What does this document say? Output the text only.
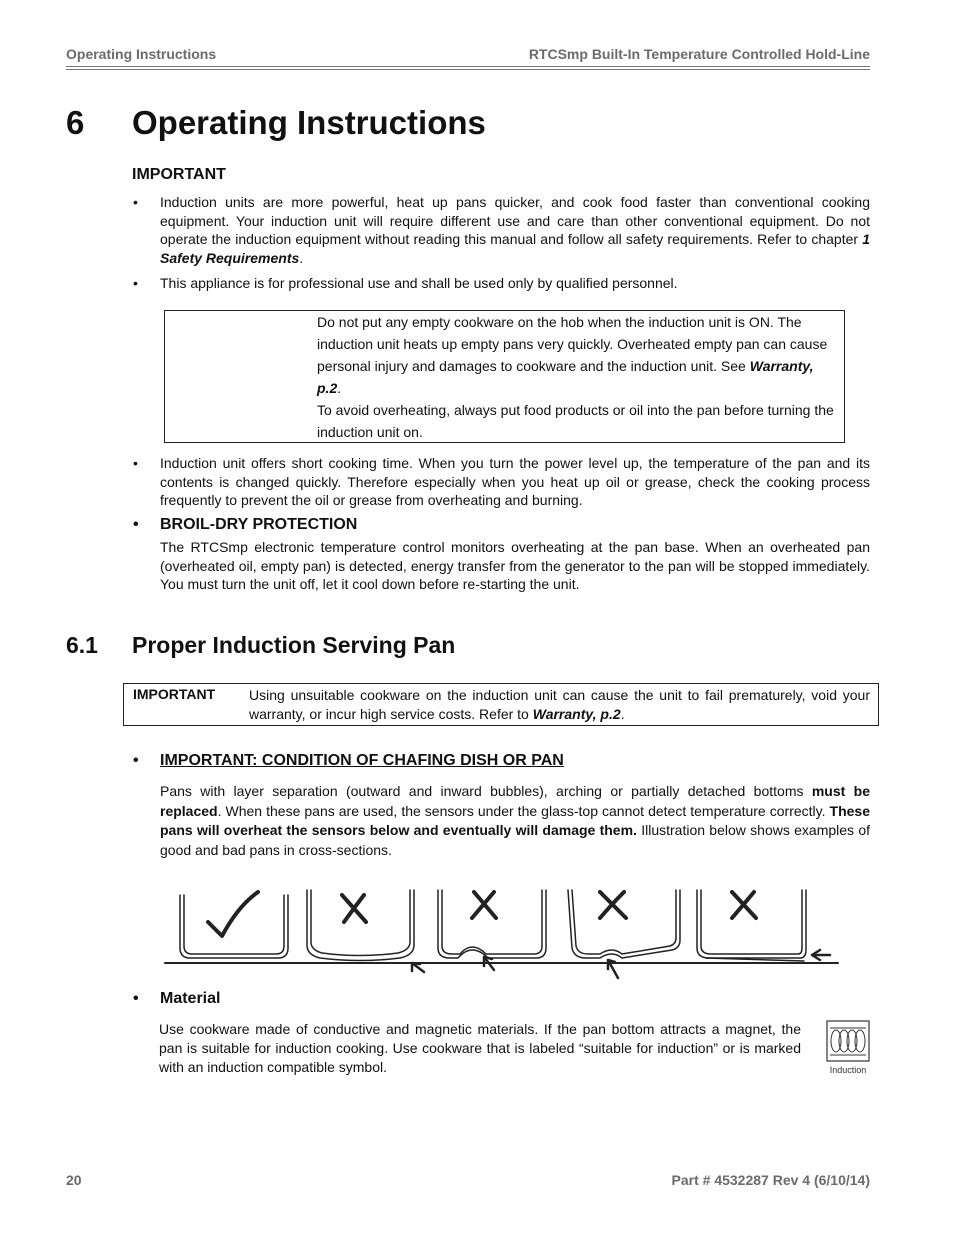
Operating Instructions	RTCSmp Built-In Temperature Controlled Hold-Line
6 Operating Instructions
IMPORTANT
• Induction units are more powerful, heat up pans quicker, and cook food faster than conventional cooking equipment. Your induction unit will require different use and care than other conventional equipment. Do not operate the induction equipment without reading this manual and follow all safety requirements. Refer to chapter 1 Safety Requirements.
• This appliance is for professional use and shall be used only by qualified personnel.
Do not put any empty cookware on the hob when the induction unit is ON. The induction unit heats up empty pans very quickly. Overheated empty pan can cause personal injury and damages to cookware and the induction unit. See Warranty, p.2.
To avoid overheating, always put food products or oil into the pan before turning the induction unit on.
• Induction unit offers short cooking time. When you turn the power level up, the temperature of the pan and its contents is changed quickly. Therefore especially when you heat up oil or grease, check the cooking process frequently to prevent the oil or grease from overheating and burning.
• BROIL-DRY PROTECTION
The RTCSmp electronic temperature control monitors overheating at the pan base. When an overheated pan (overheated oil, empty pan) is detected, energy transfer from the generator to the pan will be stopped immediately. You must turn the unit off, let it cool down before re-starting the unit.
6.1 Proper Induction Serving Pan
IMPORTANT Using unsuitable cookware on the induction unit can cause the unit to fail prematurely, void your warranty, or incur high service costs. Refer to Warranty, p.2.
• IMPORTANT: CONDITION OF CHAFING DISH OR PAN
Pans with layer separation (outward and inward bubbles), arching or partially detached bottoms must be replaced. When these pans are used, the sensors under the glass-top cannot detect temperature correctly. These pans will overheat the sensors below and eventually will damage them. Illustration below shows examples of good and bad pans in cross-sections.
• Material
Use cookware made of conductive and magnetic materials. If the pan bottom attracts a magnet, the pan is suitable for induction cooking. Use cookware that is labeled “suitable for induction” or is marked with an induction compatible symbol.	Induction
20	Part # 4532287 Rev 4 (6/10/14)
